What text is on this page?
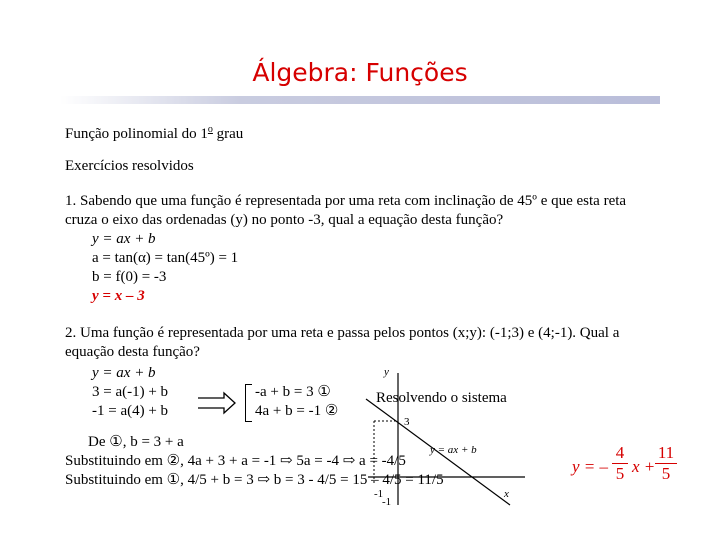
Álgebra: Funções
Função polinomial do 1$^o$ grau
Exercícios resolvidos
1. Sabendo que uma função é representada por uma reta com inclinação de 45º e que esta reta
cruza o eixo das ordenadas (y) no ponto -3, qual a equação desta função?
y = ax + b
a = tan(α) = tan(45º) = 1
b = f(0) = -3
y = x – 3
2. Uma função é representada por uma reta e passa pelos pontos (x;y): (-1;3) e (4;-1). Qual a
equação desta função?
y = ax + b
3 = a(-1) + b
-1 = a(4) + b
-a + b = 3 ①
4a + b = -1 ②
y
3
y = ax + b
-1
-1
x
Resolvendo o sistema
De ①, b = 3 + a
Substituindo em ②, 4a + 3 + a = -1 ⇨ 5a = -4 ⇨ a = -4/5
Substituindo em ①, 4/5 + b = 3 ⇨ b = 3 - 4/5 = 15 – 4/5 = 11/5
y = – $\frac{4}{5}$ $x + \frac{11}{5}$
